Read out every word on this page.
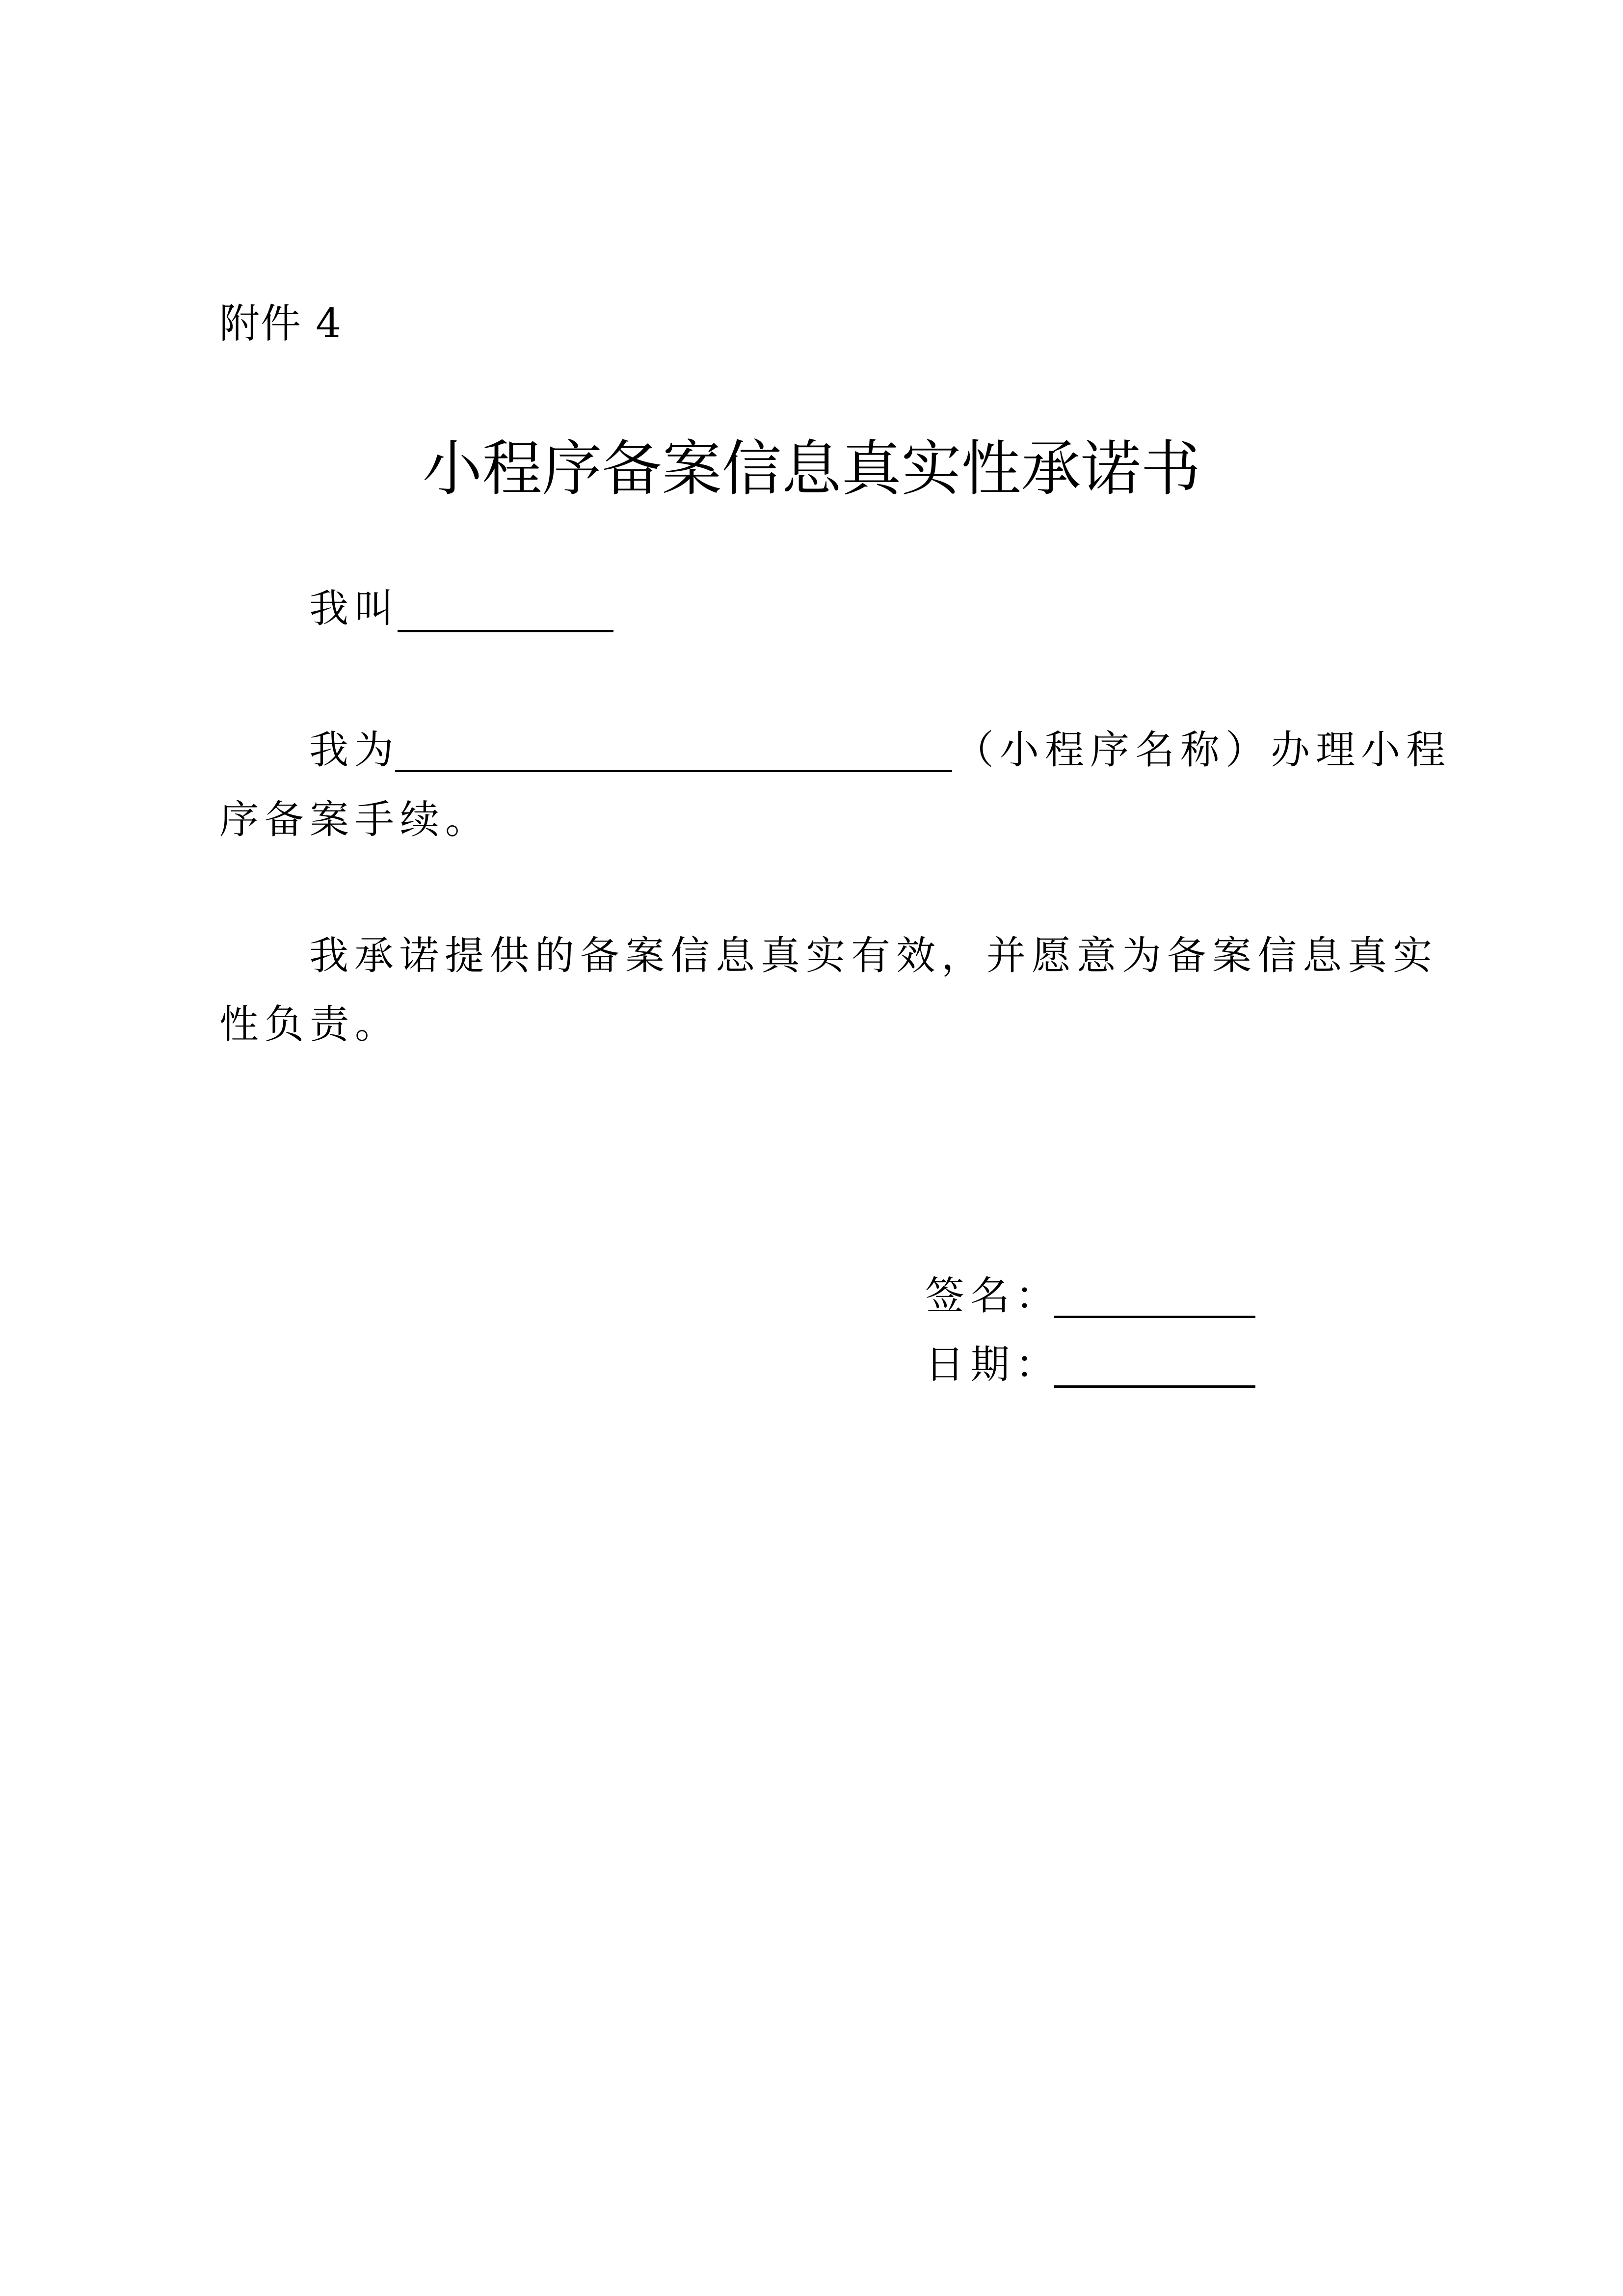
附件 4
小程序备案信息真实性承诺书
我叫
我为	（小程序名称）办理小程
序备案手续。
我承诺提供的备案信息真实有效，并愿意为备案信息真实
性负责。
签名：
日期：
